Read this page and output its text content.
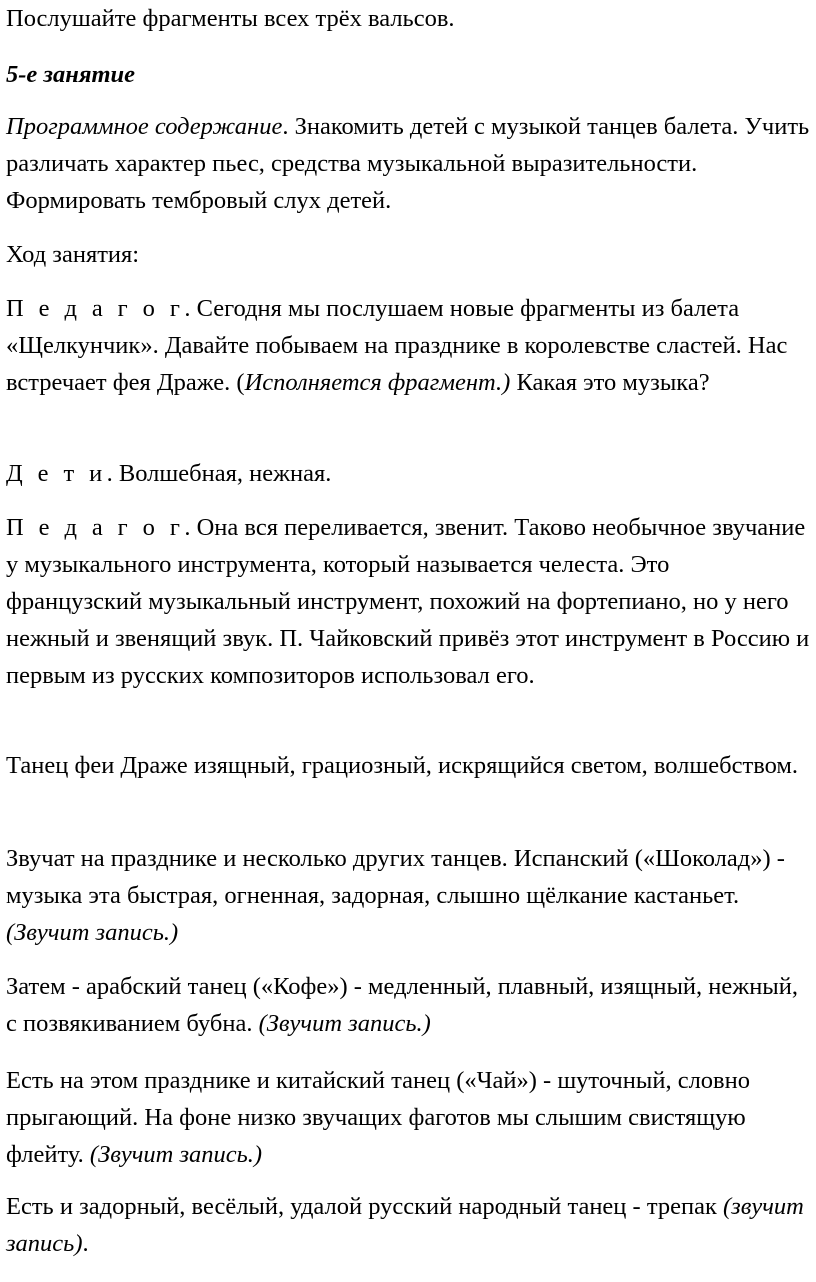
Послушайте фрагменты всех трёх вальсов.

5-е занятие

Программное содержание. Знакомить детей с музыкой танцев балета. Учить различать характер пьес, средства музыкальной выразительности. Формировать тембровый слух детей.

Ход занятия:

П е д а г о г. Сегодня мы послушаем новые фрагменты из балета «Щелкунчик». Давайте побываем на празднике в королевстве сластей. Нас встречает фея Драже. (Исполняется фрагмент.) Какая это музыка?

Д е т и. Волшебная, нежная.

П е д а г о г. Она вся переливается, звенит. Таково необычное звучание у музыкального инструмента, который называется челеста. Это французский музыкальный инструмент, похожий на фортепиано, но у него нежный и звенящий звук. П. Чайковский привёз этот инструмент в Россию и первым из русских композиторов использовал его.

Танец феи Драже изящный, грациозный, искрящийся светом, волшебством.

Звучат на празднике и несколько других танцев. Испанский («Шоколад») - музыка эта быстрая, огненная, задорная, слышно щёлкание кастаньет. (Звучит запись.)

Затем - арабский танец («Кофе») - медленный, плавный, изящный, нежный, с позвякиванием бубна. (Звучит запись.)

Есть на этом празднике и китайский танец («Чай») - шуточный, словно прыгающий. На фоне низко звучащих фаготов мы слышим свистящую флейту. (Звучит запись.)

Есть и задорный, весёлый, удалой русский народный танец - трепак (звучит запись).
